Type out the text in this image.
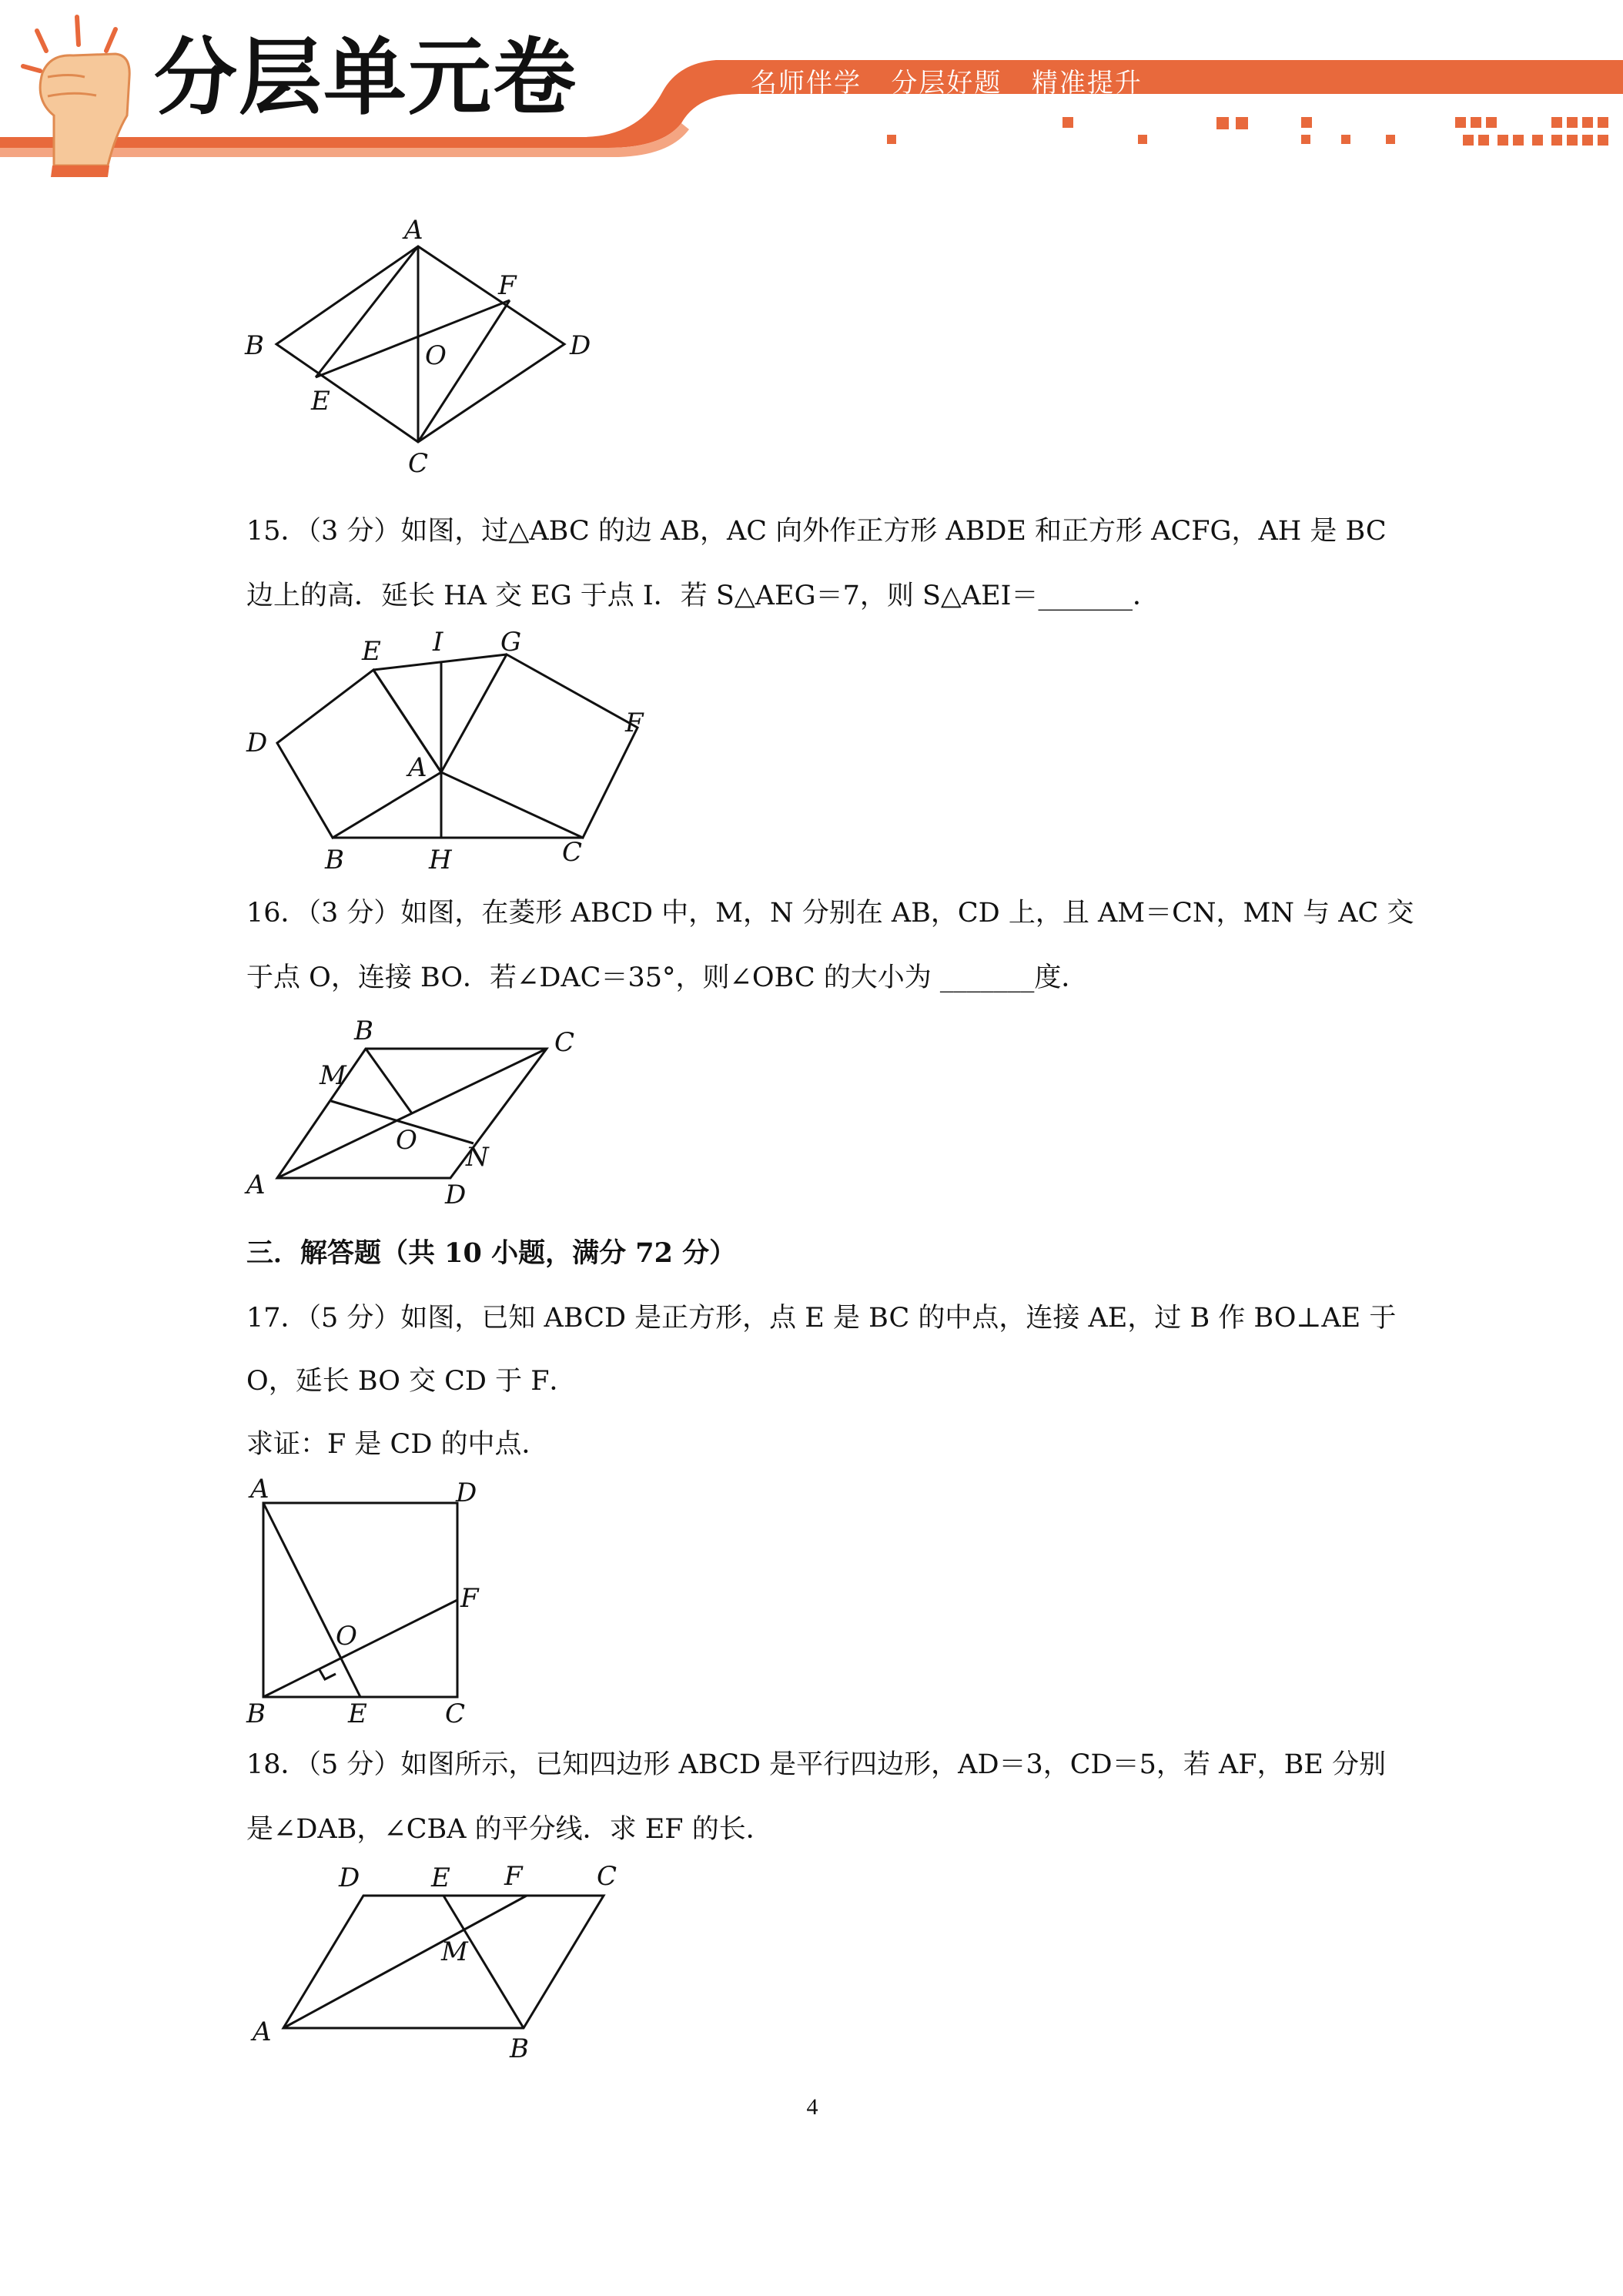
分层单元卷	名师伴学   分层好题   精准提升
A
B
C
D
E
F
O
15．（3 分）如图，过△ABC 的边 AB，AC 向外作正方形 ABDE 和正方形 ACFG，AH 是 BC
边上的高．延长 HA 交 EG 于点 I．若 S△AEG＝7，则 S△AEI＝_______．
E I G
D
F
A
B	H	C
16．（3 分）如图，在菱形 ABCD 中，M，N 分别在 AB，CD 上，且 AM＝CN，MN 与 AC 交
于点 O，连接 BO．若∠DAC＝35°，则∠OBC 的大小为 _______度．
B	C
M
O
N
A	D
三．解答题（共 10 小题，满分 72 分）
17．（5 分）如图，已知 ABCD 是正方形，点 E 是 BC 的中点，连接 AE，过 B 作 BO⊥AE 于
O，延长 BO 交 CD 于 F．
求证：F 是 CD 的中点．
A	D
F
O
B	E	C
18．（5 分）如图所示，已知四边形 ABCD 是平行四边形，AD＝3，CD＝5，若 AF，BE 分别
是∠DAB，∠CBA 的平分线．求 EF 的长．
D	E F	C
M
A
B
4
